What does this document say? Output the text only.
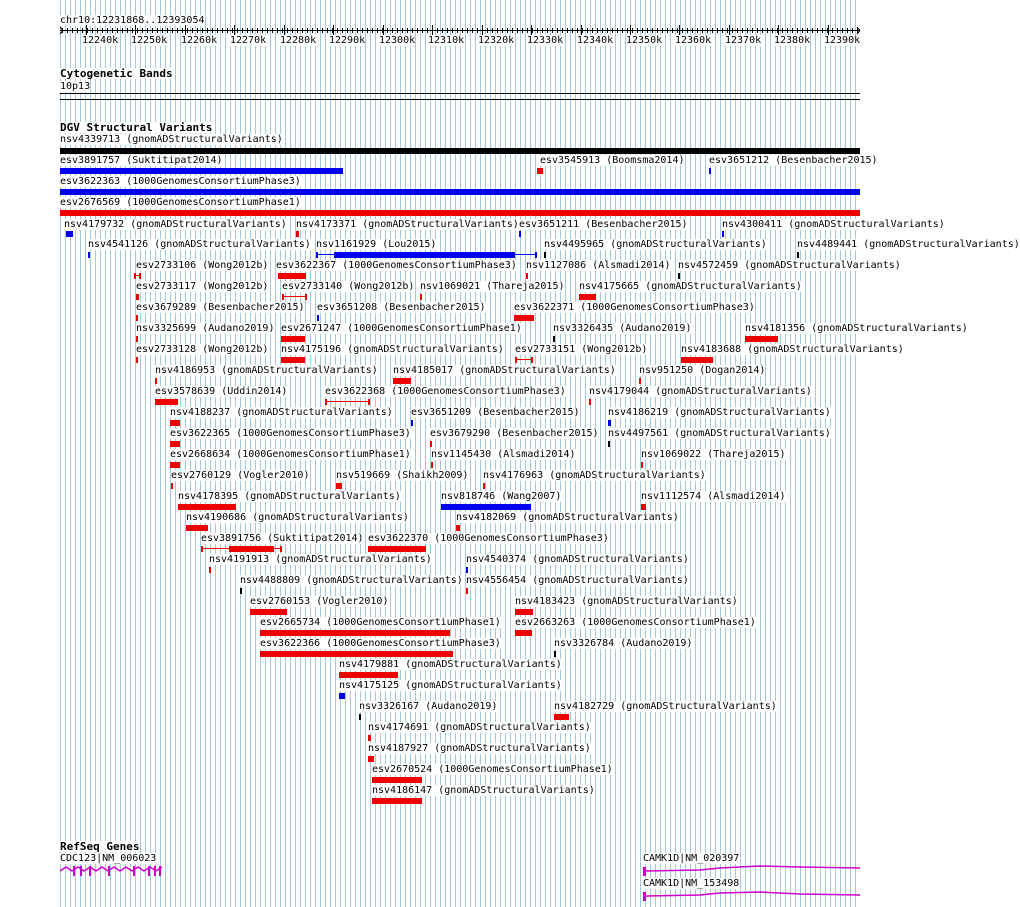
chr10:12231868..12393054
12240k 12250k 12260k 12270k 12280k 12290k 12300k 12310k 12320k 12330k 12340k 12350k 12360k 12370k 12380k 12390k
Cytogenetic Bands
10p13
DGV Structural Variants
nsv4339713 (gnomADStructuralVariants)
esv3891757 (Suktitipat2014)	esv3545913 (Boomsma2014) esv3651212 (Besenbacher2015)
esv3622363 (1000GenomesConsortiumPhase3)
esv2676569 (1000GenomesConsortiumPhase1)
nsv4179732 (gnomADStructuralVariants) nsv4173371 (gnomADStructuralVariants) esv3651211 (Besenbacher2015)	nsv4300411 (gnomADStructuralVariants)
nsv4541126 (gnomADStructuralVariants) nsv1161929 (Lou2015)	nsv4495965 (gnomADStructuralVariants)	nsv4489441 (gnomADStructuralVariants)
esv2733106 (Wong2012b) esv3622367 (1000GenomesConsortiumPhase3) nsv1127086 (Alsmadi2014) nsv4572459 (gnomADStructuralVariants)
esv2733117 (Wong2012b) esv2733140 (Wong2012b) nsv1069021 (Thareja2015) nsv4175665 (gnomADStructuralVariants)
esv3679289 (Besenbacher2015) esv3651208 (Besenbacher2015)	esv3622371 (1000GenomesConsortiumPhase3)
nsv3325699 (Audano2019) esv2671247 (1000GenomesConsortiumPhase1)	nsv3326435 (Audano2019)	nsv4181356 (gnomADStructuralVariants)
esv2733128 (Wong2012b) nsv4175196 (gnomADStructuralVariants) esv2733151 (Wong2012b)	nsv4183688 (gnomADStructuralVariants)
nsv4186953 (gnomADStructuralVariants) nsv4185017 (gnomADStructuralVariants) nsv951250 (Dogan2014)
esv3578639 (Uddin2014)	esv3622368 (1000GenomesConsortiumPhase3) nsv4179044 (gnomADStructuralVariants)
nsv4188237 (gnomADStructuralVariants) esv3651209 (Besenbacher2015)	nsv4186219 (gnomADStructuralVariants)
esv3622365 (1000GenomesConsortiumPhase3) esv3679290 (Besenbacher2015) nsv4497561 (gnomADStructuralVariants)
esv2668634 (1000GenomesConsortiumPhase1) nsv1145430 (Alsmadi2014)	nsv1069022 (Thareja2015)
esv2760129 (Vogler2010)	nsv519669 (Shaikh2009) nsv4176963 (gnomADStructuralVariants)
nsv4178395 (gnomADStructuralVariants)	nsv818746 (Wang2007)	nsv1112574 (Alsmadi2014)
nsv4190686 (gnomADStructuralVariants)	nsv4182069 (gnomADStructuralVariants)
esv3891756 (Suktitipat2014) esv3622370 (1000GenomesConsortiumPhase3)
nsv4191913 (gnomADStructuralVariants)	nsv4540374 (gnomADStructuralVariants)
nsv4488809 (gnomADStructuralVariants) nsv4556454 (gnomADStructuralVariants)
esv2760153 (Vogler2010)	nsv4183423 (gnomADStructuralVariants)
esv2665734 (1000GenomesConsortiumPhase1) esv2663263 (1000GenomesConsortiumPhase1)
esv3622366 (1000GenomesConsortiumPhase3)	nsv3326784 (Audano2019)
nsv4179881 (gnomADStructuralVariants)
nsv4175125 (gnomADStructuralVariants)
nsv3326167 (Audano2019)	nsv4182729 (gnomADStructuralVariants)
nsv4174691 (gnomADStructuralVariants)
nsv4187927 (gnomADStructuralVariants)
esv2670524 (1000GenomesConsortiumPhase1)
nsv4186147 (gnomADStructuralVariants)
RefSeq Genes
CDC123|NM_006023	CAMK1D|NM_020397
CAMK1D|NM_153498
